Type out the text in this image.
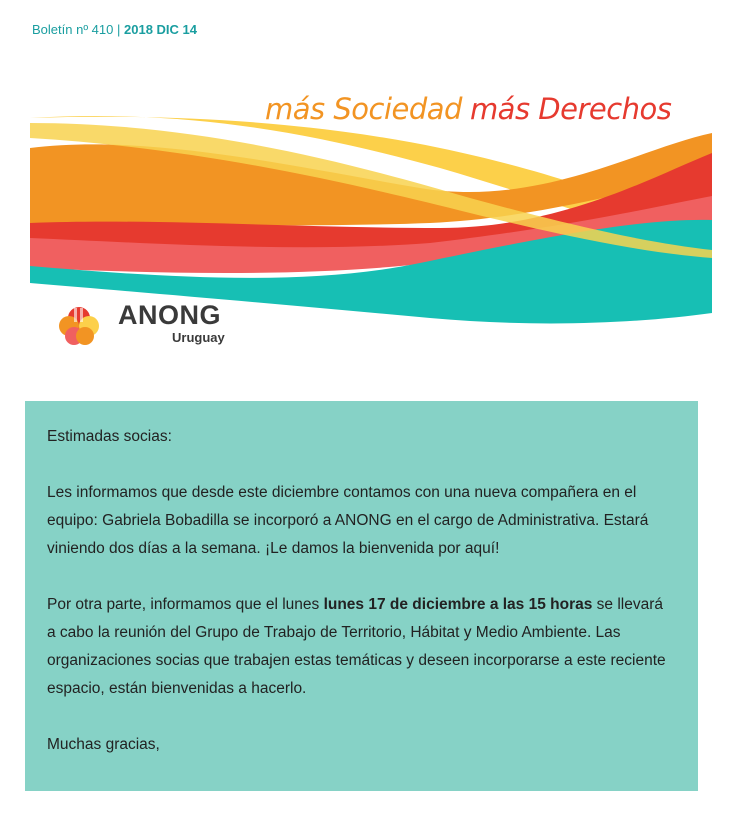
Boletín nº 410 | 2018 DIC 14
más Sociedad más Derechos
ANONG
Uruguay

Estimadas socias:

Les informamos que desde este diciembre contamos con una nueva compañera en el equipo: Gabriela Bobadilla se incorporó a ANONG en el cargo de Administrativa. Estará viniendo dos días a la semana. ¡Le damos la bienvenida por aquí!

Por otra parte, informamos que el lunes lunes 17 de diciembre a las 15 horas se llevará a cabo la reunión del Grupo de Trabajo de Territorio, Hábitat y Medio Ambiente. Las organizaciones socias que trabajen estas temáticas y deseen incorporarse a este reciente espacio, están bienvenidas a hacerlo.

Muchas gracias,
